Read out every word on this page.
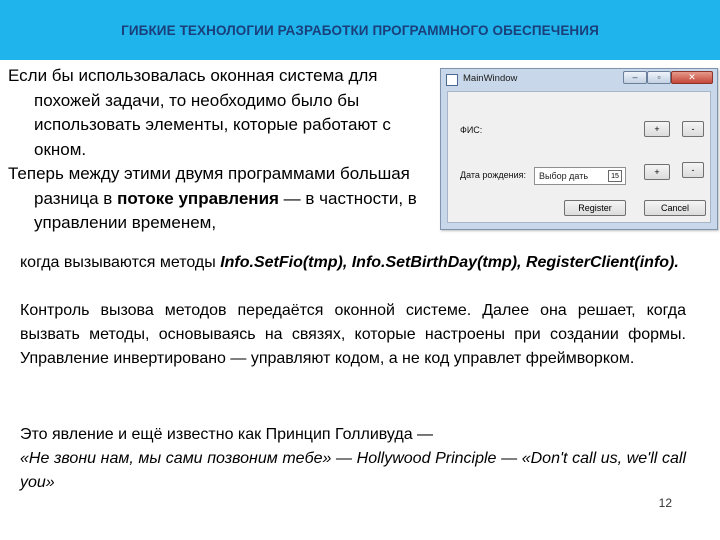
ГИБКИЕ ТЕХНОЛОГИИ РАЗРАБОТКИ ПРОГРАММНОГО ОБЕСПЕЧЕНИЯ

Если бы использовалась оконная система для похожей задачи, то необходимо было бы использовать элементы, которые работают с окном.

Теперь между этими двумя программами большая разница в потоке управления — в частности, в управлении временем,

MainWindow	–	▫	✕
ФИС:	+	-
Дата рождения: Выбор дать	15	+	-
Register	Cancel

когда вызываются методы Info.SetFio(tmp), Info.SetBirthDay(tmp), RegisterClient(info).

Контроль вызова методов передаётся оконной системе. Далее она решает, когда вызвать методы, основываясь на связях, которые настроены при создании формы. Управление инвертировано — управляют кодом, а не код управлет фреймворком.

Это явление и ещё известно как Принцип Голливуда —

«Не звони нам, мы сами позвоним тебе» — Hollywood Principle — «Don't call us, we'll call you»

12
